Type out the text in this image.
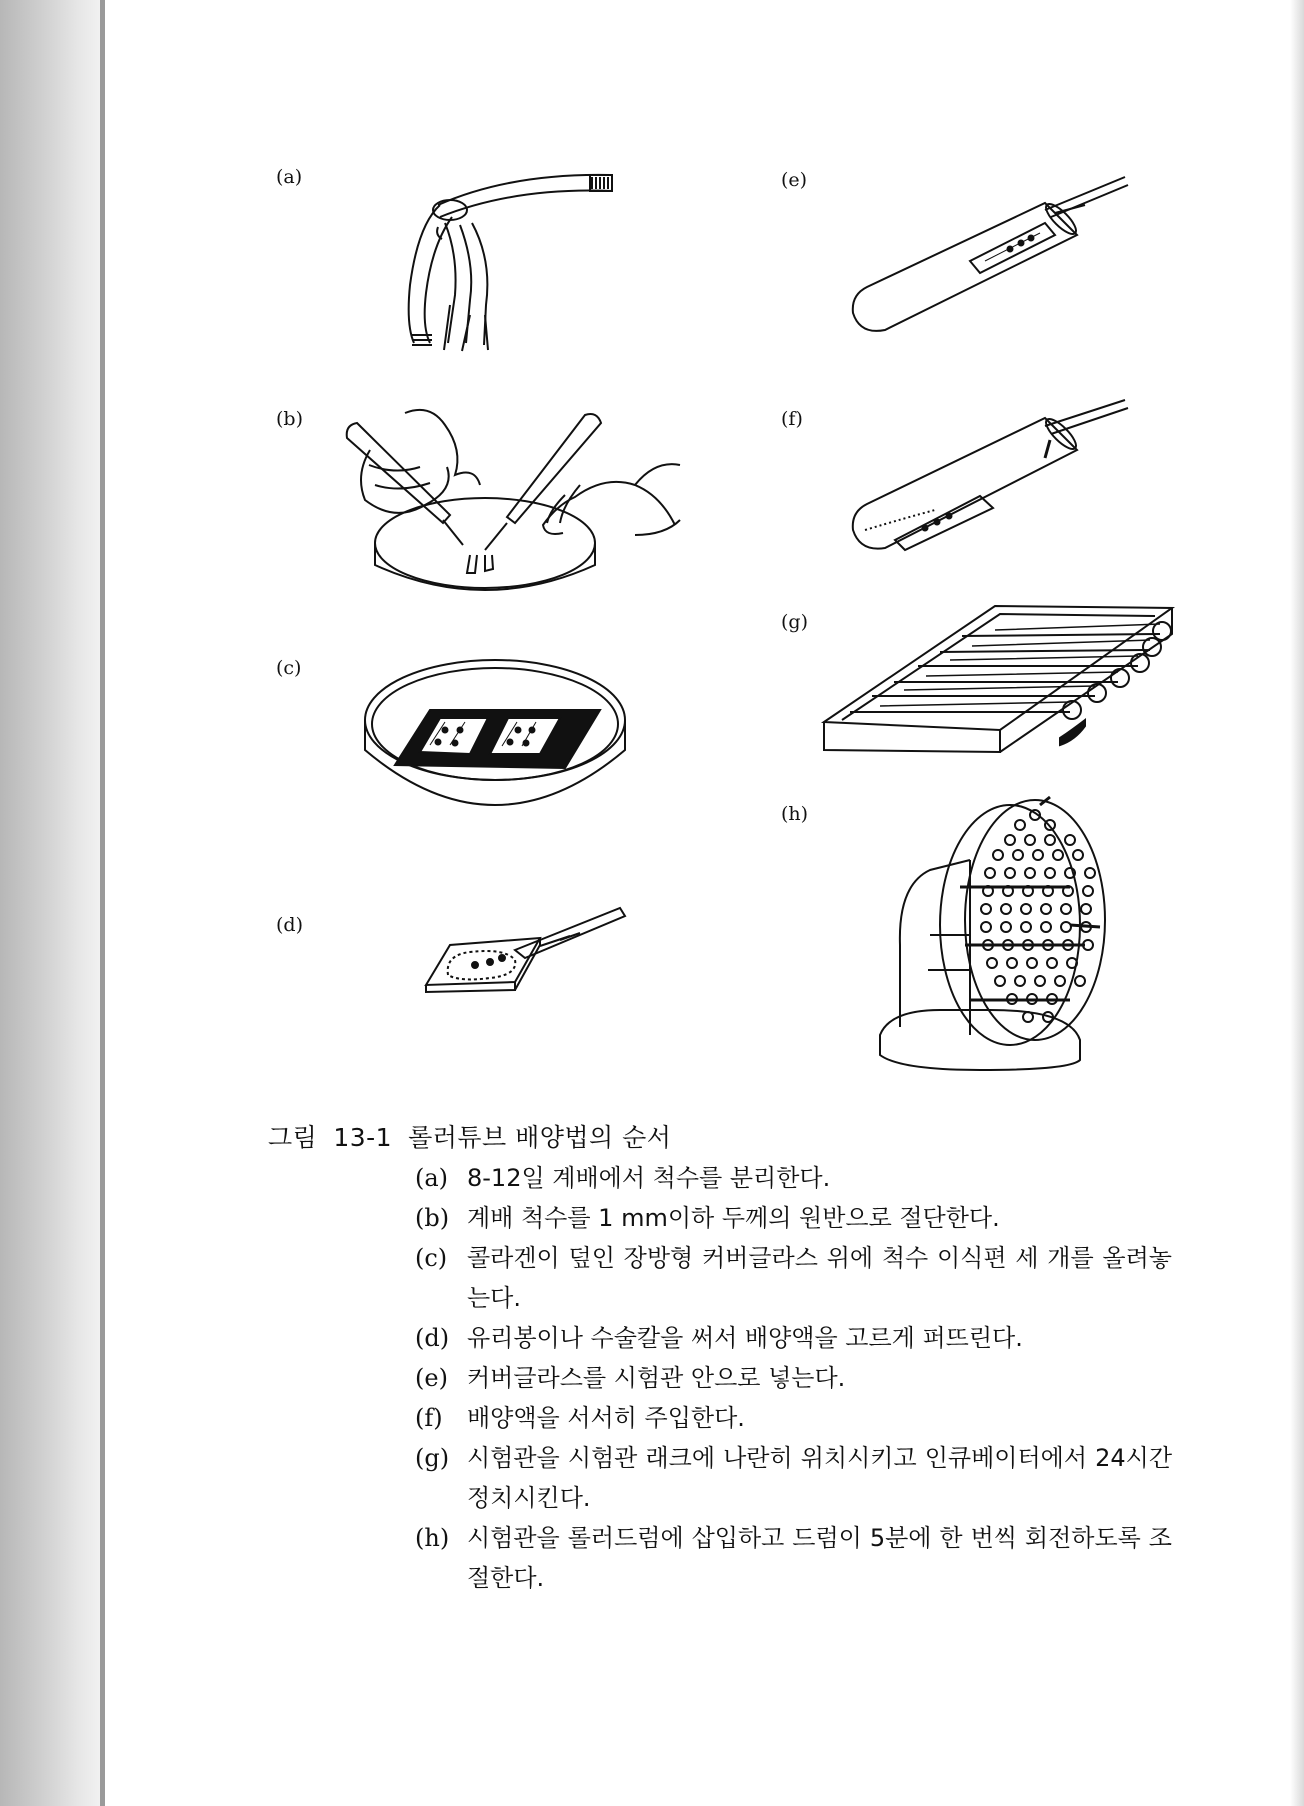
(a)
(b)
(c)
(d)
(e)
(f)
(g)
(h)
그림 13-1 롤러튜브 배양법의 순서
(a) 8-12일 계배에서 척수를 분리한다.
(b) 계배 척수를 1 mm이하 두께의 원반으로 절단한다.
(c) 콜라겐이 덮인 장방형 커버글라스 위에 척수 이식편 세 개를 올려놓는다.
(d) 유리봉이나 수술칼을 써서 배양액을 고르게 퍼뜨린다.
(e) 커버글라스를 시험관 안으로 넣는다.
(f) 배양액을 서서히 주입한다.
(g) 시험관을 시험관 래크에 나란히 위치시키고 인큐베이터에서 24시간 정치시킨다.
(h) 시험관을 롤러드럼에 삽입하고 드럼이 5분에 한 번씩 회전하도록 조절한다.
